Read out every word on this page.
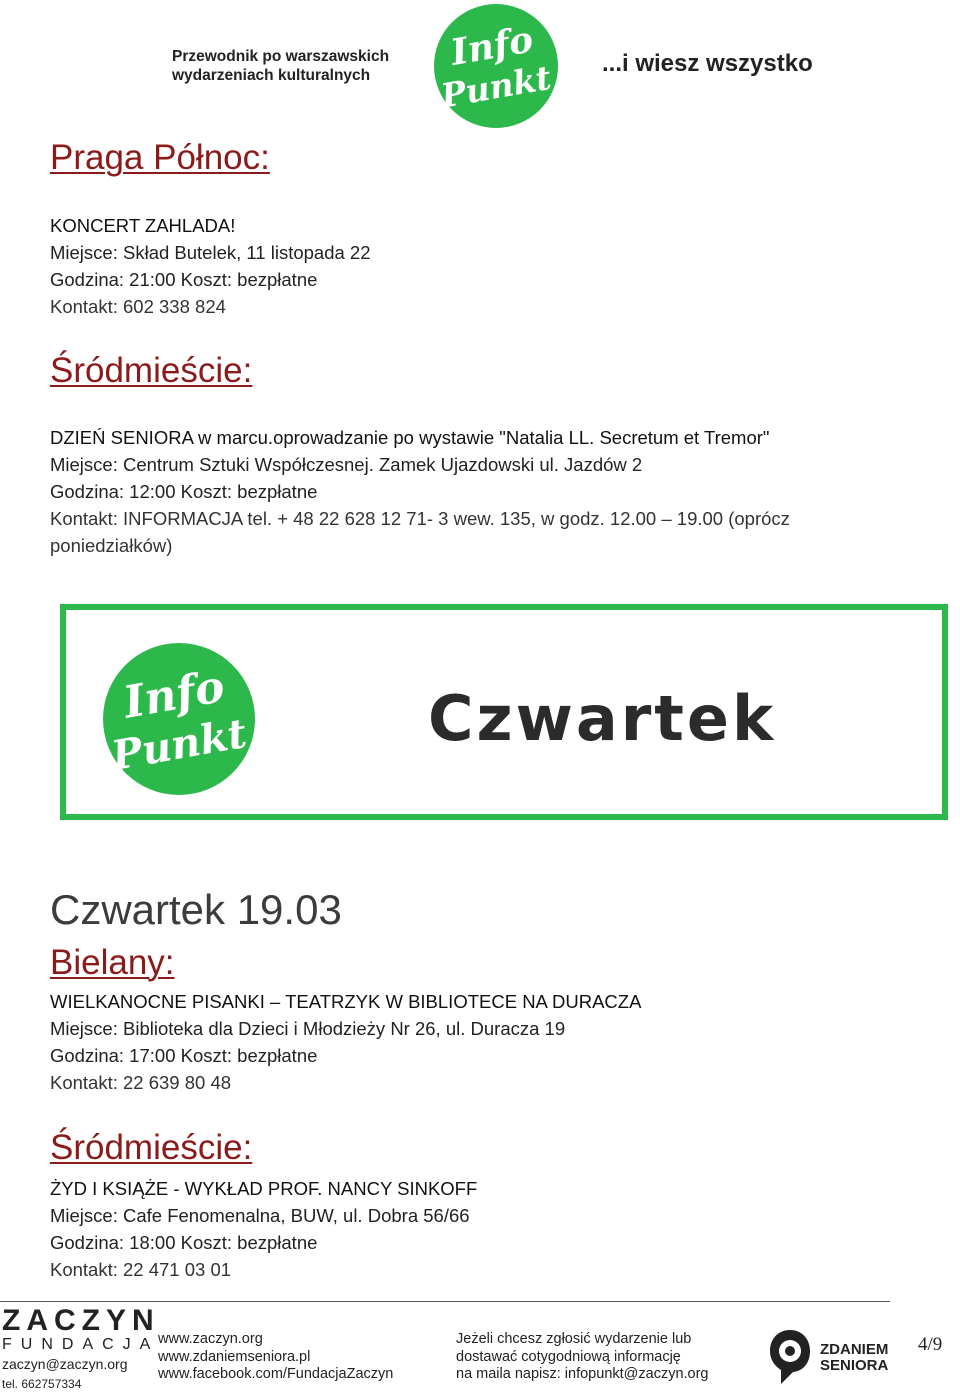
Przewodnik po warszawskich
wydarzeniach kulturalnych
Info
Punkt ...i wiesz wszystko
Praga Północ:
KONCERT ZAHLADA!
Miejsce: Skład Butelek, 11 listopada 22
Godzina: 21:00 Koszt: bezpłatne
Kontakt: 602 338 824
Śródmieście:
DZIEŃ SENIORA w marcu.oprowadzanie po wystawie "Natalia LL. Secretum et Tremor"
Miejsce: Centrum Sztuki Współczesnej. Zamek Ujazdowski ul. Jazdów 2
Godzina: 12:00 Koszt: bezpłatne
Kontakt: INFORMACJA tel. + 48 22 628 12 71- 3 wew. 135, w godz. 12.00 – 19.00 (oprócz
poniedziałków)
Info
Punkt	Czwartek
Czwartek 19.03
Bielany:
WIELKANOCNE PISANKI – TEATRZYK W BIBLIOTECE NA DURACZA
Miejsce: Biblioteka dla Dzieci i Młodzieży Nr 26, ul. Duracza 19
Godzina: 17:00 Koszt: bezpłatne
Kontakt: 22 639 80 48
Śródmieście:
ŻYD I KSIĄŻE - WYKŁAD PROF. NANCY SINKOFF
Miejsce: Cafe Fenomenalna, BUW, ul. Dobra 56/66
Godzina: 18:00 Koszt: bezpłatne
Kontakt: 22 471 03 01
ZACZYN
FUNDACJA
zaczyn@zaczyn.org
tel. 662757334
www.zaczyn.org
www.zdaniemseniora.pl
www.facebook.com/FundacjaZaczyn
Jeżeli chcesz zgłosić wydarzenie lub
dostawać cotygodniową informację
na maila napisz: infopunkt@zaczyn.org
ZDANIEM
SENIORA
4/9
